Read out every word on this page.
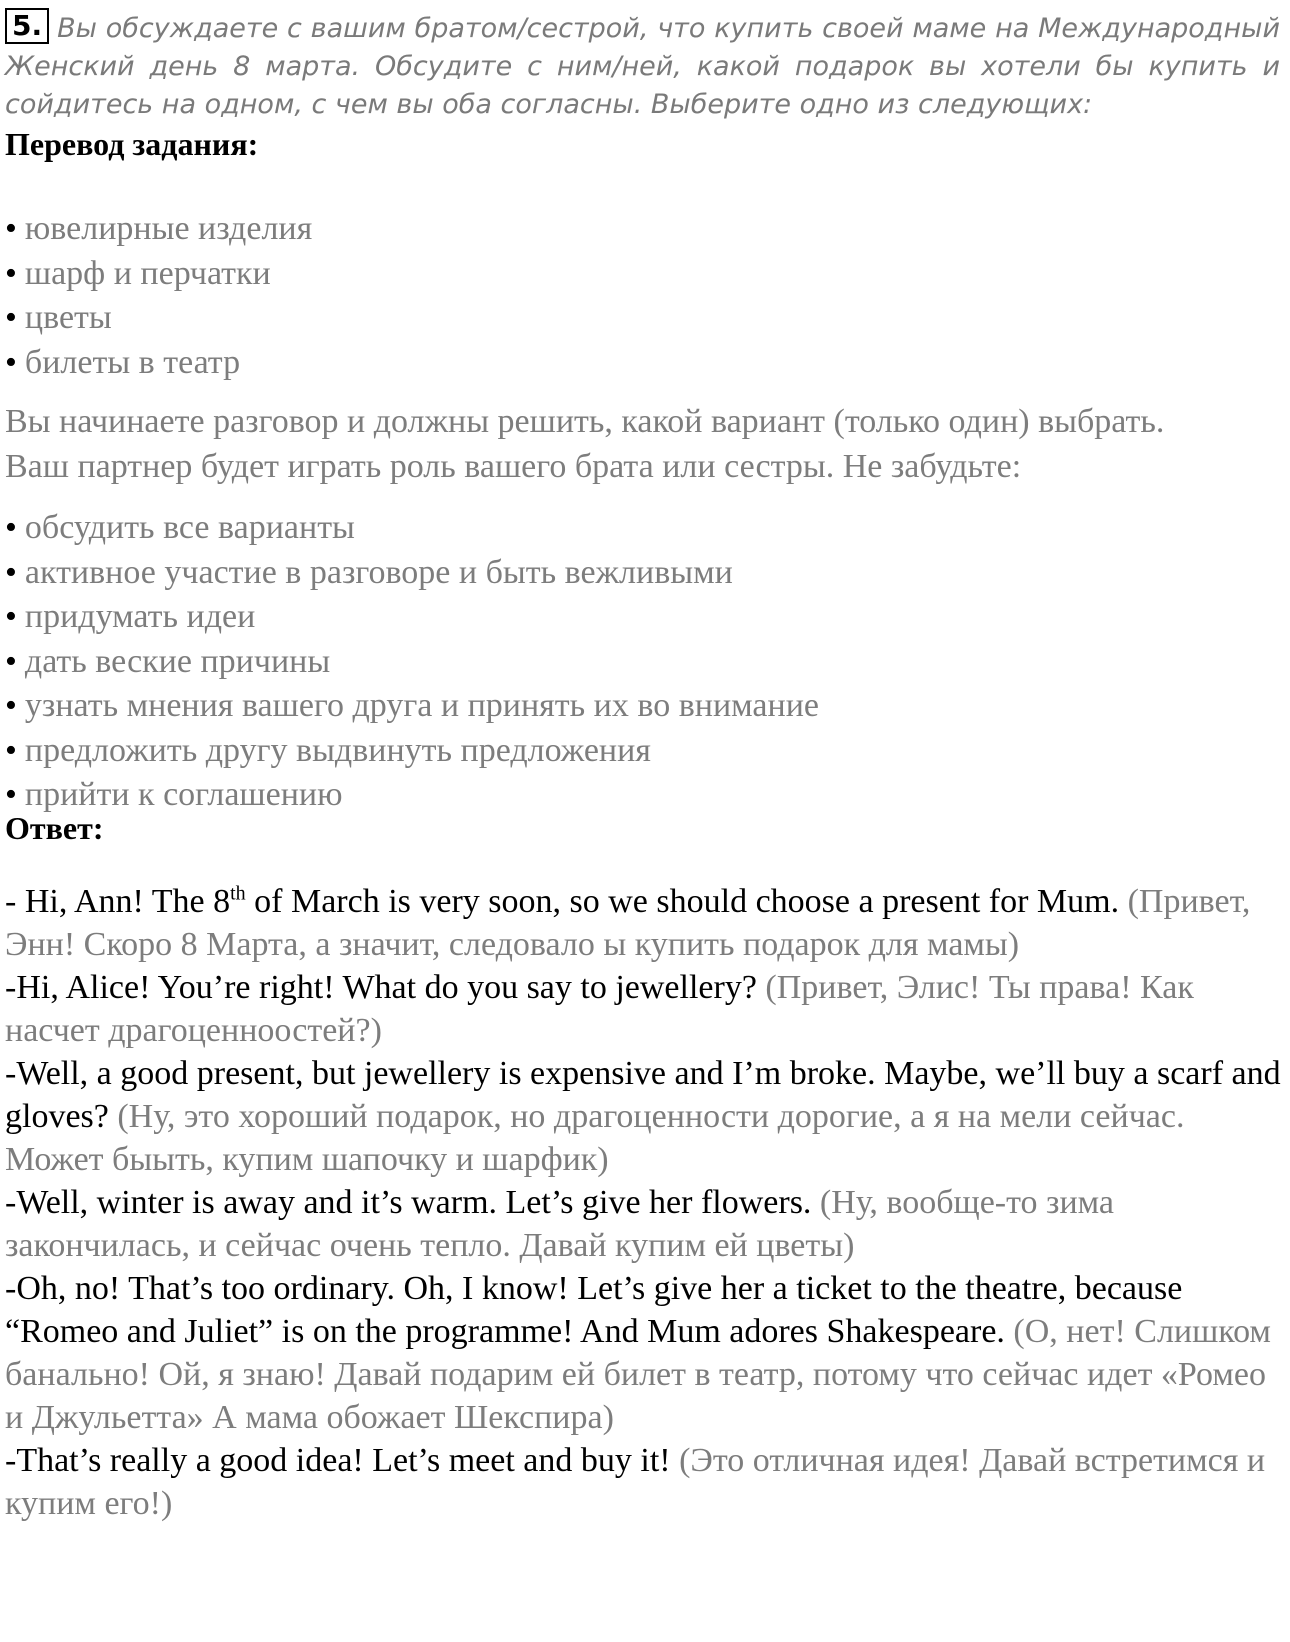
5. Вы обсуждаете с вашим братом/сестрой, что купить своей маме на Международный Женский день 8 марта. Обсудите с ним/ней, какой подарок вы хотели бы купить и сойдитесь на одном, с чем вы оба согласны. Выберите одно из следующих:
Перевод задания:
• ювелирные изделия
• шарф и перчатки
• цветы
• билеты в театр
Вы начинаете разговор и должны решить, какой вариант (только один) выбрать. Ваш партнер будет играть роль вашего брата или сестры. Не забудьте:
• обсудить все варианты
• активное участие в разговоре и быть вежливыми
• придумать идеи
• дать веские причины
• узнать мнения вашего друга и принять их во внимание
• предложить другу выдвинуть предложения
• прийти к соглашению
Ответ:

- Hi, Ann! The 8th of March is very soon, so we should choose a present for Mum. (Привет, Энн! Скоро 8 Марта, а значит, следовало ы купить подарок для мамы)

-Hi, Alice! You’re right! What do you say to jewellery? (Привет, Элис! Ты права! Как насчет драгоценноостей?)

-Well, a good present, but jewellery is expensive and I’m broke. Maybe, we’ll buy a scarf and gloves? (Ну, это хороший подарок, но драгоценности дорогие, а я на мели сейчас. Может быыть, купим шапочку и шарфик)

-Well, winter is away and it’s warm. Let’s give her flowers. (Ну, вообще-то зима закончилась, и сейчас очень тепло. Давай купим ей цветы)

-Oh, no! That’s too ordinary. Oh, I know! Let’s give her a ticket to the theatre, because “Romeo and Juliet” is on the programme! And Mum adores Shakespeare. (О, нет! Слишком банально! Ой, я знаю! Давай подарим ей билет в театр, потому что сейчас идет «Ромео и Джульетта» А мама обожает Шекспира)

-That’s really a good idea! Let’s meet and buy it! (Это отличная идея! Давай встретимся и купим его!)
